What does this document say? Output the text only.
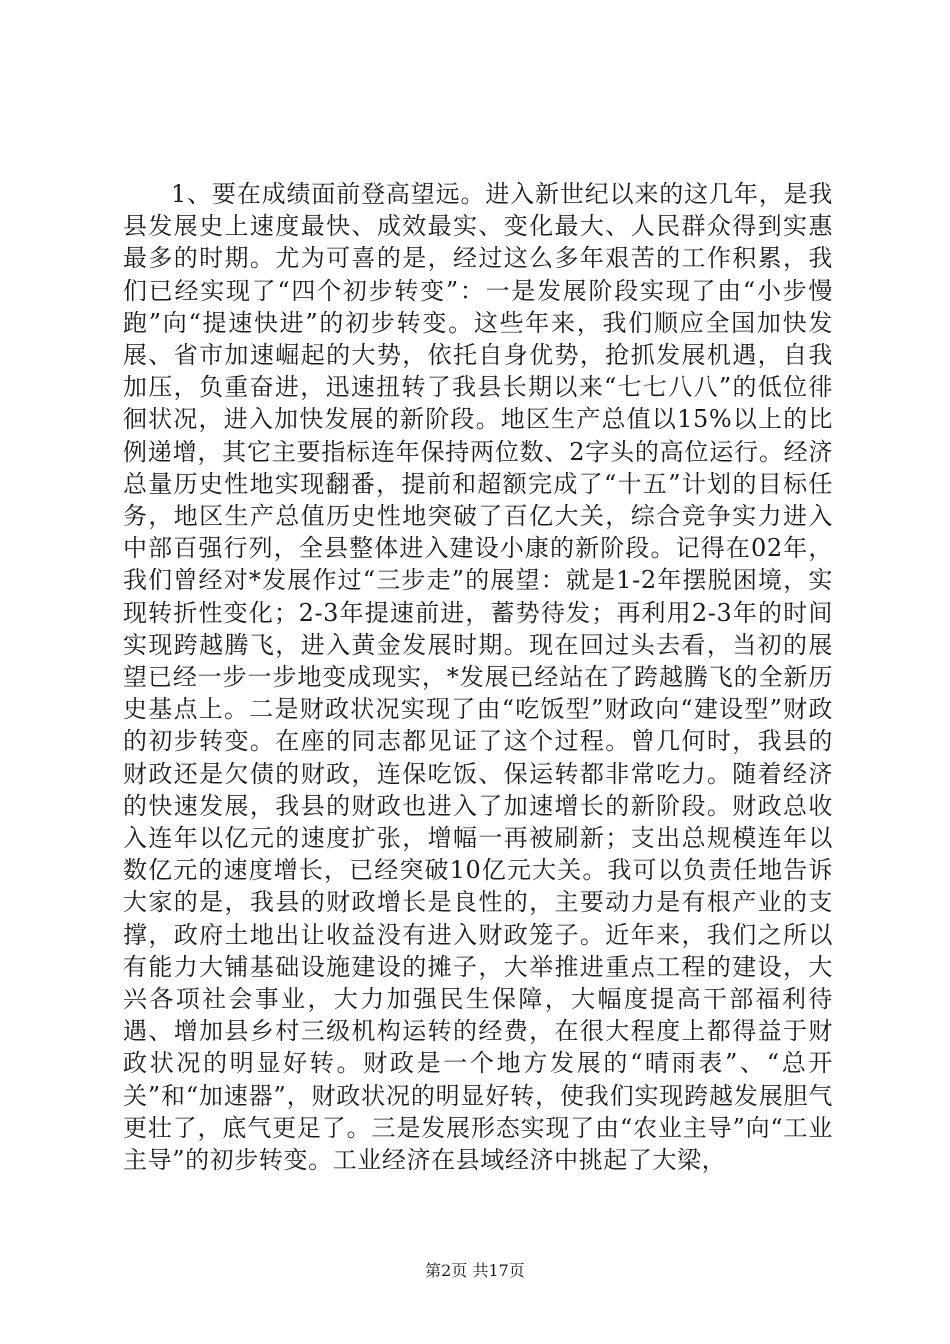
1、要在成绩面前登高望远。进入新世纪以来的这几年，是我县发展史上速度最快、成效最实、变化最大、人民群众得到实惠最多的时期。尤为可喜的是，经过这么多年艰苦的工作积累，我们已经实现了“四个初步转变”：一是发展阶段实现了由“小步慢跑”向“提速快进”的初步转变。这些年来，我们顺应全国加快发展、省市加速崛起的大势，依托自身优势，抢抓发展机遇，自我加压，负重奋进，迅速扭转了我县长期以来“七七八八”的低位徘徊状况，进入加快发展的新阶段。地区生产总值以15%以上的比例递增，其它主要指标连年保持两位数、2字头的高位运行。经济总量历史性地实现翻番，提前和超额完成了“十五”计划的目标任务，地区生产总值历史性地突破了百亿大关，综合竞争实力进入中部百强行列，全县整体进入建设小康的新阶段。记得在02年，我们曾经对*发展作过“三步走”的展望：就是1-2年摆脱困境，实现转折性变化；2-3年提速前进，蓄势待发；再利用2-3年的时间实现跨越腾飞，进入黄金发展时期。现在回过头去看，当初的展望已经一步一步地变成现实，*发展已经站在了跨越腾飞的全新历史基点上。二是财政状况实现了由“吃饭型”财政向“建设型”财政的初步转变。在座的同志都见证了这个过程。曾几何时，我县的财政还是欠债的财政，连保吃饭、保运转都非常吃力。随着经济的快速发展，我县的财政也进入了加速增长的新阶段。财政总收入连年以亿元的速度扩张，增幅一再被刷新；支出总规模连年以数亿元的速度增长，已经突破10亿元大关。我可以负责任地告诉大家的是，我县的财政增长是良性的，主要动力是有根产业的支撑，政府土地出让收益没有进入财政笼子。近年来，我们之所以有能力大铺基础设施建设的摊子，大举推进重点工程的建设，大兴各项社会事业，大力加强民生保障，大幅度提高干部福利待遇、增加县乡村三级机构运转的经费，在很大程度上都得益于财政状况的明显好转。财政是一个地方发展的“晴雨表”、“总开关”和“加速器”，财政状况的明显好转，使我们实现跨越发展胆气更壮了，底气更足了。三是发展形态实现了由“农业主导”向“工业主导”的初步转变。工业经济在县域经济中挑起了大梁，

第2页 共17页
